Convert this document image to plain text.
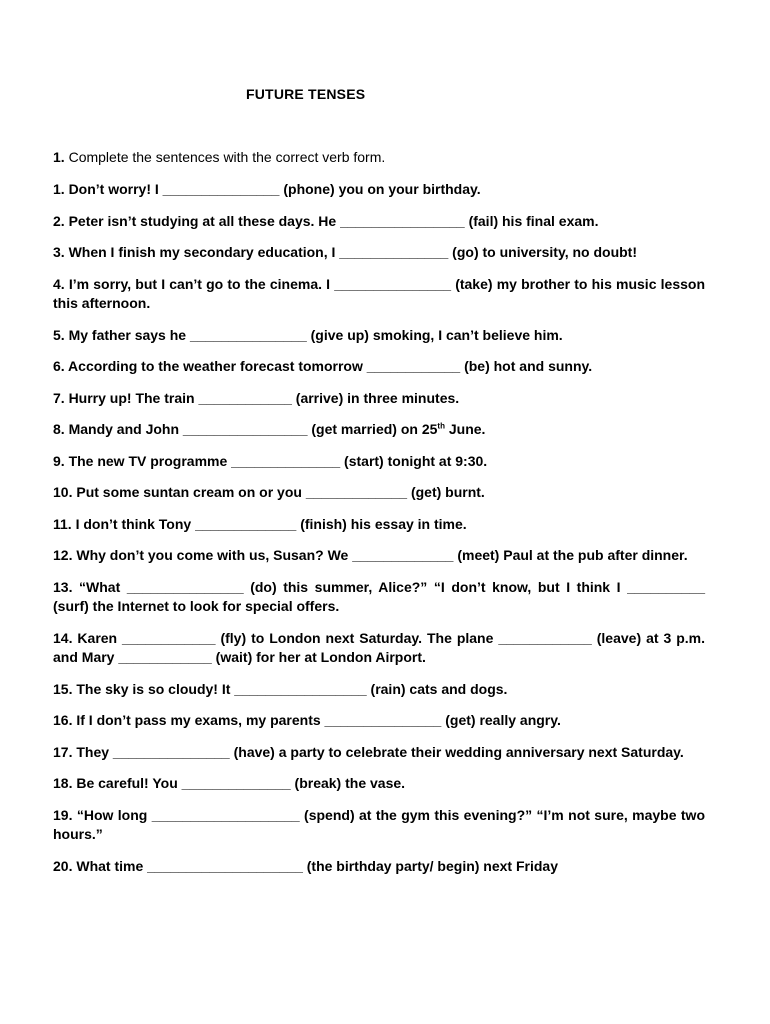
FUTURE TENSES
1. Complete the sentences with the correct verb form.

1. Don’t worry! I _______________ (phone) you on your birthday.

2. Peter isn’t studying at all these days. He ________________ (fail) his final exam.

3. When I finish my secondary education, I ______________ (go) to university, no doubt!

4. I’m sorry, but I can’t go to the cinema. I _______________ (take) my brother to his music lesson this afternoon.

5. My father says he _______________ (give up) smoking, I can’t believe him.

6. According to the weather forecast tomorrow ____________ (be) hot and sunny.

7. Hurry up! The train ____________ (arrive) in three minutes.

8. Mandy and John ________________ (get married) on 25th June.

9. The new TV programme ______________ (start) tonight at 9:30.

10. Put some suntan cream on or you _____________ (get) burnt.

11. I don’t think Tony _____________ (finish) his essay in time.

12. Why don’t you come with us, Susan? We _____________ (meet) Paul at the pub after dinner.

13. “What _______________ (do) this summer, Alice?” “I don’t know, but I think I __________ (surf) the Internet to look for special offers.

14. Karen ____________ (fly) to London next Saturday. The plane ____________ (leave) at 3 p.m. and Mary ____________ (wait) for her at London Airport.

15. The sky is so cloudy! It _________________ (rain) cats and dogs.

16. If I don’t pass my exams, my parents _______________ (get) really angry.

17. They _______________ (have) a party to celebrate their wedding anniversary next Saturday.

18. Be careful! You ______________ (break) the vase.

19. “How long ___________________ (spend) at the gym this evening?” “I’m not sure, maybe two hours.”

20. What time ____________________ (the birthday party/ begin) next Friday
